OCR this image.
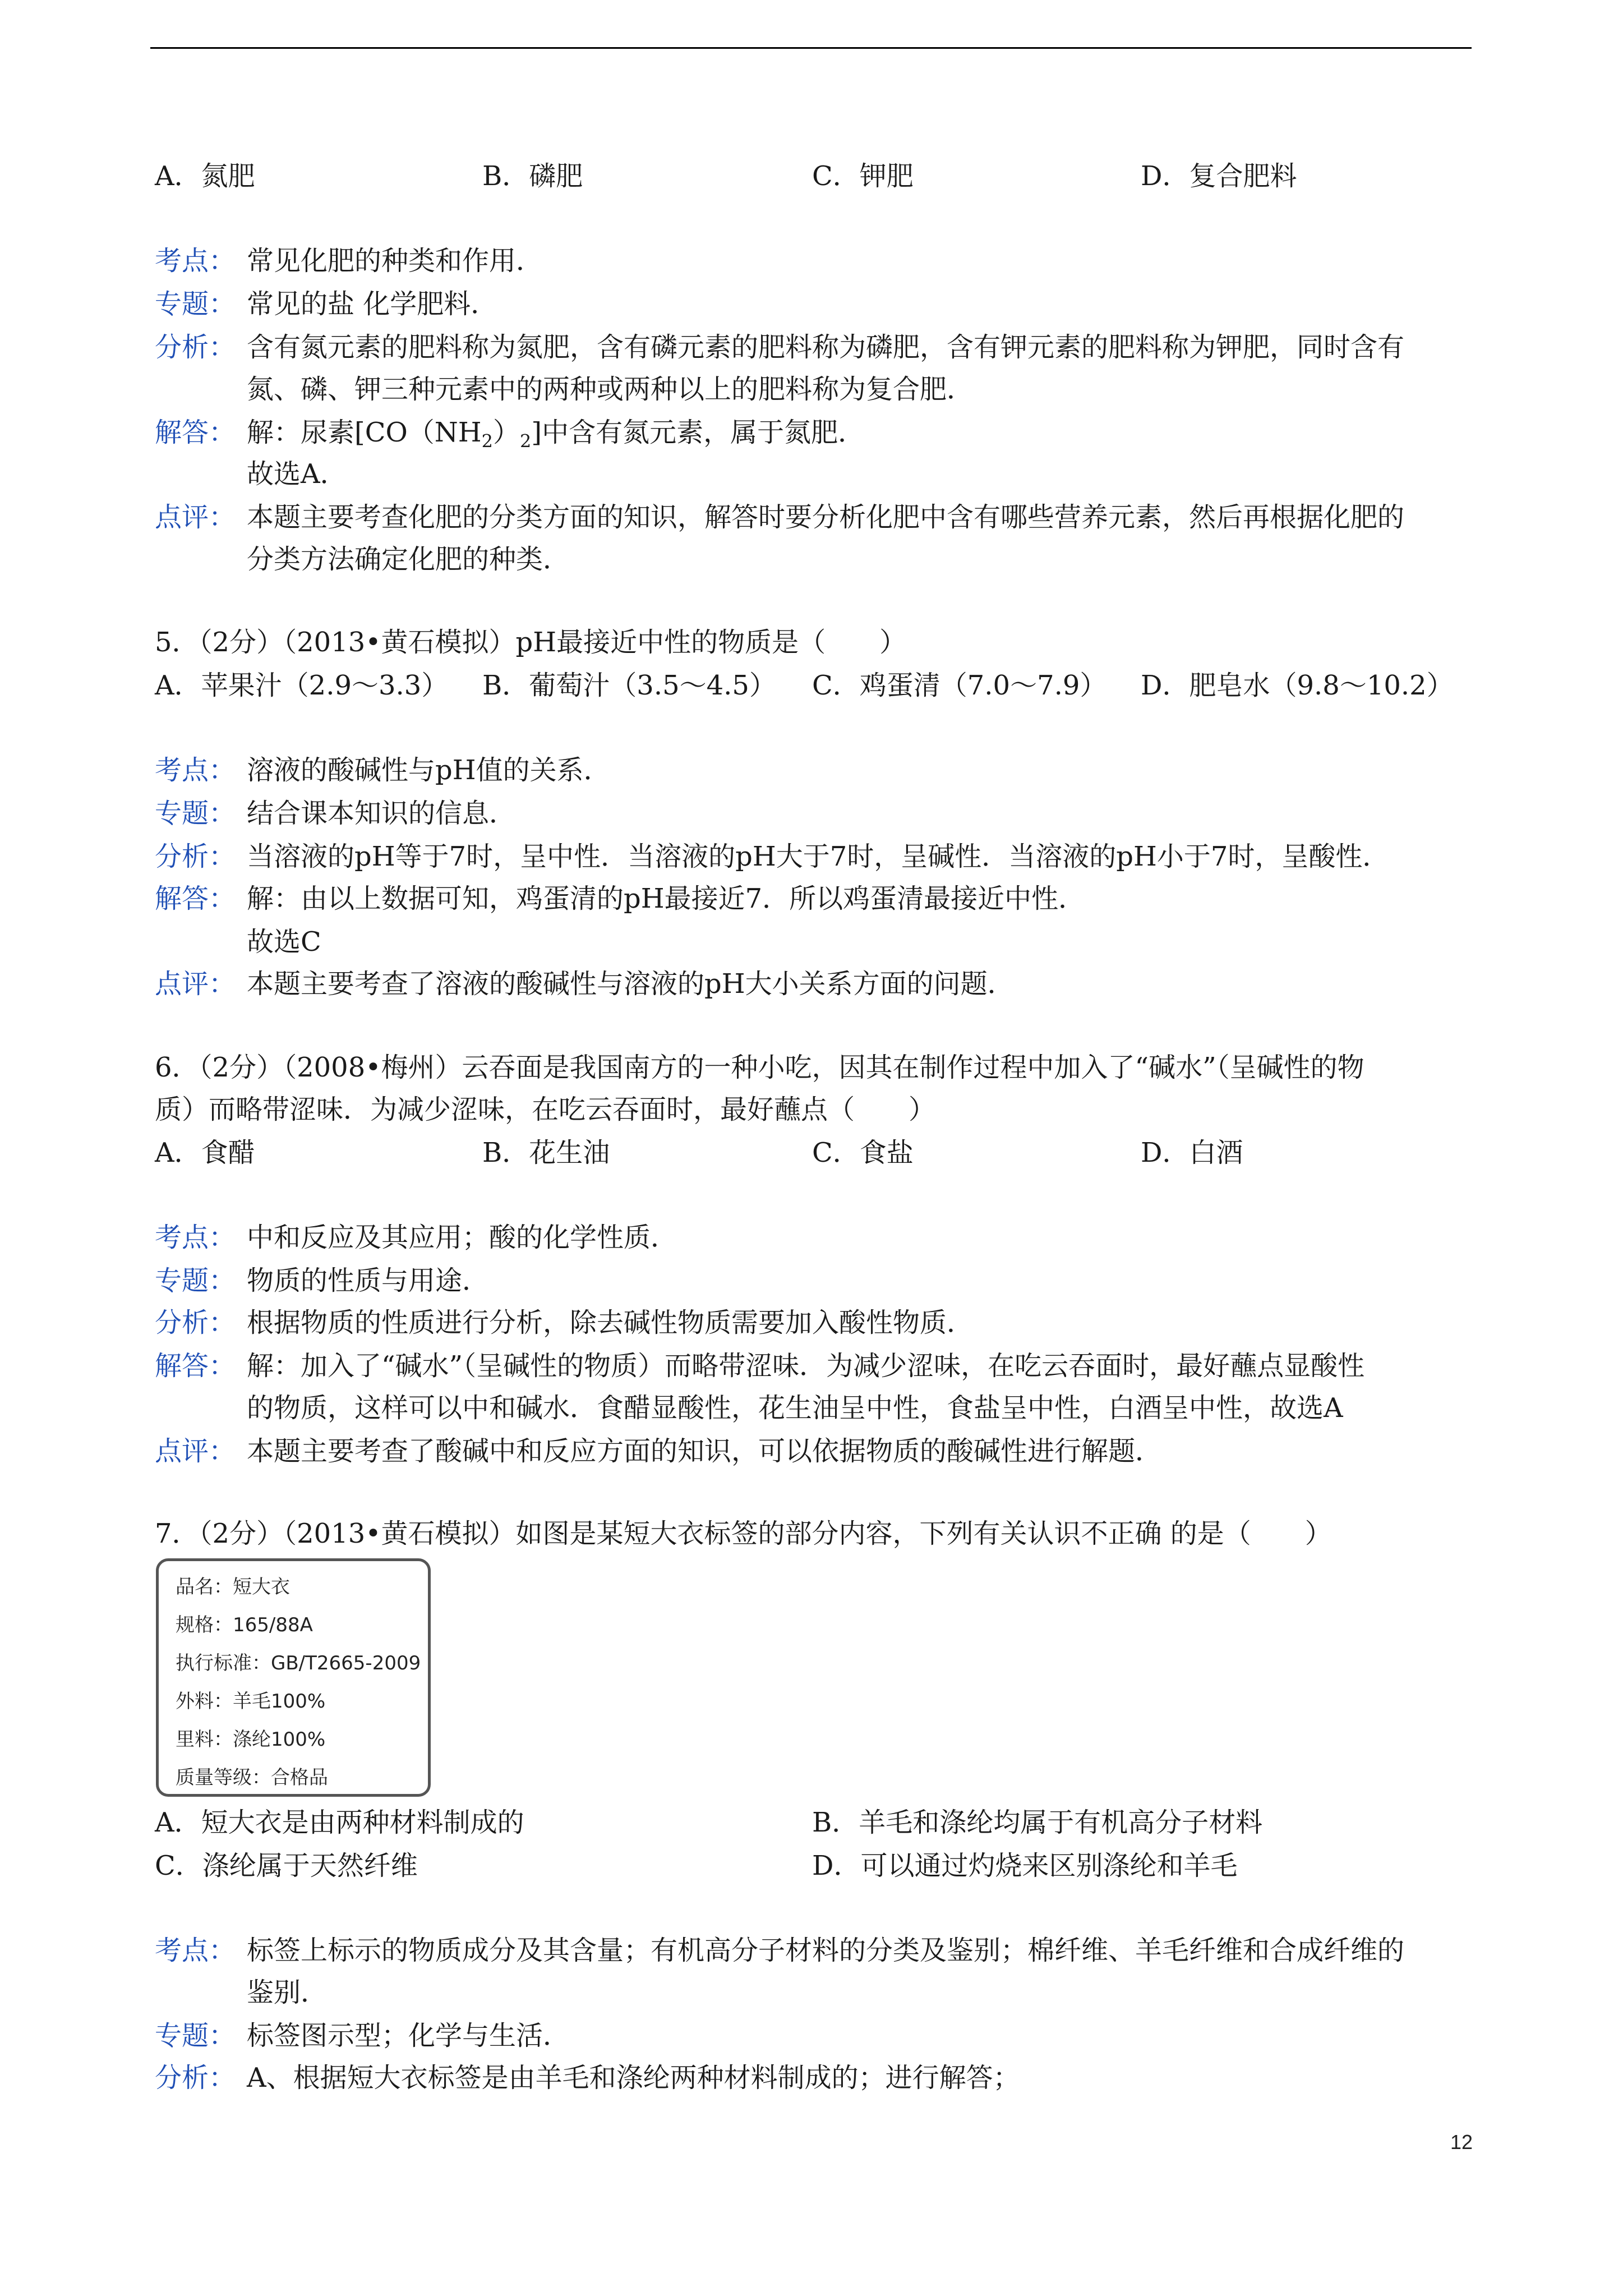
A．氮肥	B．磷肥	C．钾肥	D．复合肥料
考点： 常见化肥的种类和作用．
专题： 常见的盐 化学肥料．
分析： 含有氮元素的肥料称为氮肥，含有磷元素的肥料称为磷肥，含有钾元素的肥料称为钾肥，同时含有
氮、磷、钾三种元素中的两种或两种以上的肥料称为复合肥．
解答： 解：尿素$[CO(NH_2)_2]$中含有氮元素，属于氮肥．
故选A．
点评： 本题主要考查化肥的分类方面的知识，解答时要分析化肥中含有哪些营养元素，然后再根据化肥的
分类方法确定化肥的种类．
5．（2分）（2013•黄石模拟）pH最接近中性的物质是（　　）
A．苹果汁（2.9～3.3） B．葡萄汁（3.5～4.5） C．鸡蛋清（7.0～7.9） D．肥皂水（9.8～10.2）
考点： 溶液的酸碱性与pH值的关系．
专题： 结合课本知识的信息．
分析： 当溶液的pH等于7时，呈中性．当溶液的pH大于7时，呈碱性．当溶液的pH小于7时，呈酸性．
解答： 解：由以上数据可知，鸡蛋清的pH最接近7．所以鸡蛋清最接近中性．
故选C
点评： 本题主要考查了溶液的酸碱性与溶液的pH大小关系方面的问题．
6．（2分）（2008•梅州）云吞面是我国南方的一种小吃，因其在制作过程中加入了“碱水”（呈碱性的物
质）而略带涩味．为减少涩味，在吃云吞面时，最好蘸点（　　）
A．食醋	B．花生油	C．食盐	D．白酒
考点： 中和反应及其应用；酸的化学性质．
专题： 物质的性质与用途．
分析： 根据物质的性质进行分析，除去碱性物质需要加入酸性物质．
解答： 解：加入了“碱水”（呈碱性的物质）而略带涩味．为减少涩味，在吃云吞面时，最好蘸点显酸性
的物质，这样可以中和碱水．食醋显酸性，花生油呈中性，食盐呈中性，白酒呈中性，故选A
点评： 本题主要考查了酸碱中和反应方面的知识，可以依据物质的酸碱性进行解题．
7．（2分）（2013•黄石模拟）如图是某短大衣标签的部分内容，下列有关认识不正确 的是（　　）
品名：短大衣
规格：165/88A
执行标准：GB/T2665-2009
外料：羊毛100%
里料：涤纶100%
质量等级：合格品
A．短大衣是由两种材料制成的	B．羊毛和涤纶均属于有机高分子材料
C．涤纶属于天然纤维	D．可以通过灼烧来区别涤纶和羊毛
考点： 标签上标示的物质成分及其含量；有机高分子材料的分类及鉴别；棉纤维、羊毛纤维和合成纤维的
鉴别．
专题： 标签图示型；化学与生活．
分析： A、根据短大衣标签是由羊毛和涤纶两种材料制成的；进行解答；
12
